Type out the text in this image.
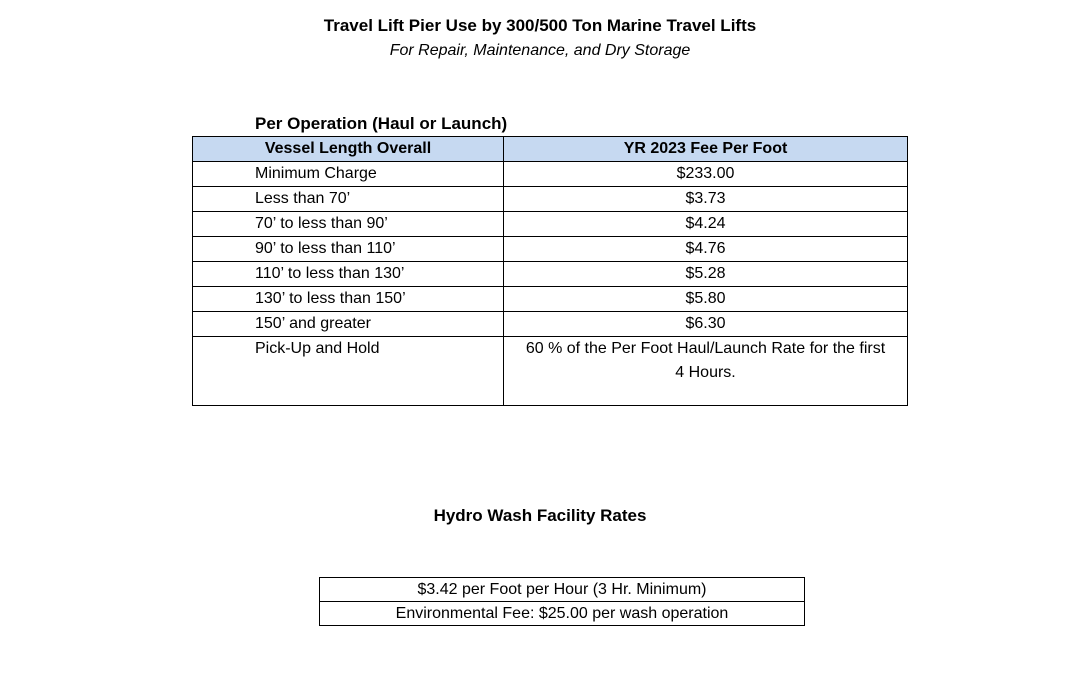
Travel Lift Pier Use by 300/500 Ton Marine Travel Lifts
For Repair, Maintenance, and Dry Storage
Per Operation (Haul or Launch)
Vessel Length Overall	YR 2023 Fee Per Foot
Minimum Charge	$233.00
Less than 70’	$3.73
70’ to less than 90’	$4.24
90’ to less than 110’	$4.76
110’ to less than 130’	$5.28
130’ to less than 150’	$5.80
150’ and greater	$6.30
Pick-Up and Hold	60 % of the Per Foot Haul/Launch Rate for the first 4 Hours.
Hydro Wash Facility Rates
$3.42 per Foot per Hour (3 Hr. Minimum)
Environmental Fee: $25.00 per wash operation
